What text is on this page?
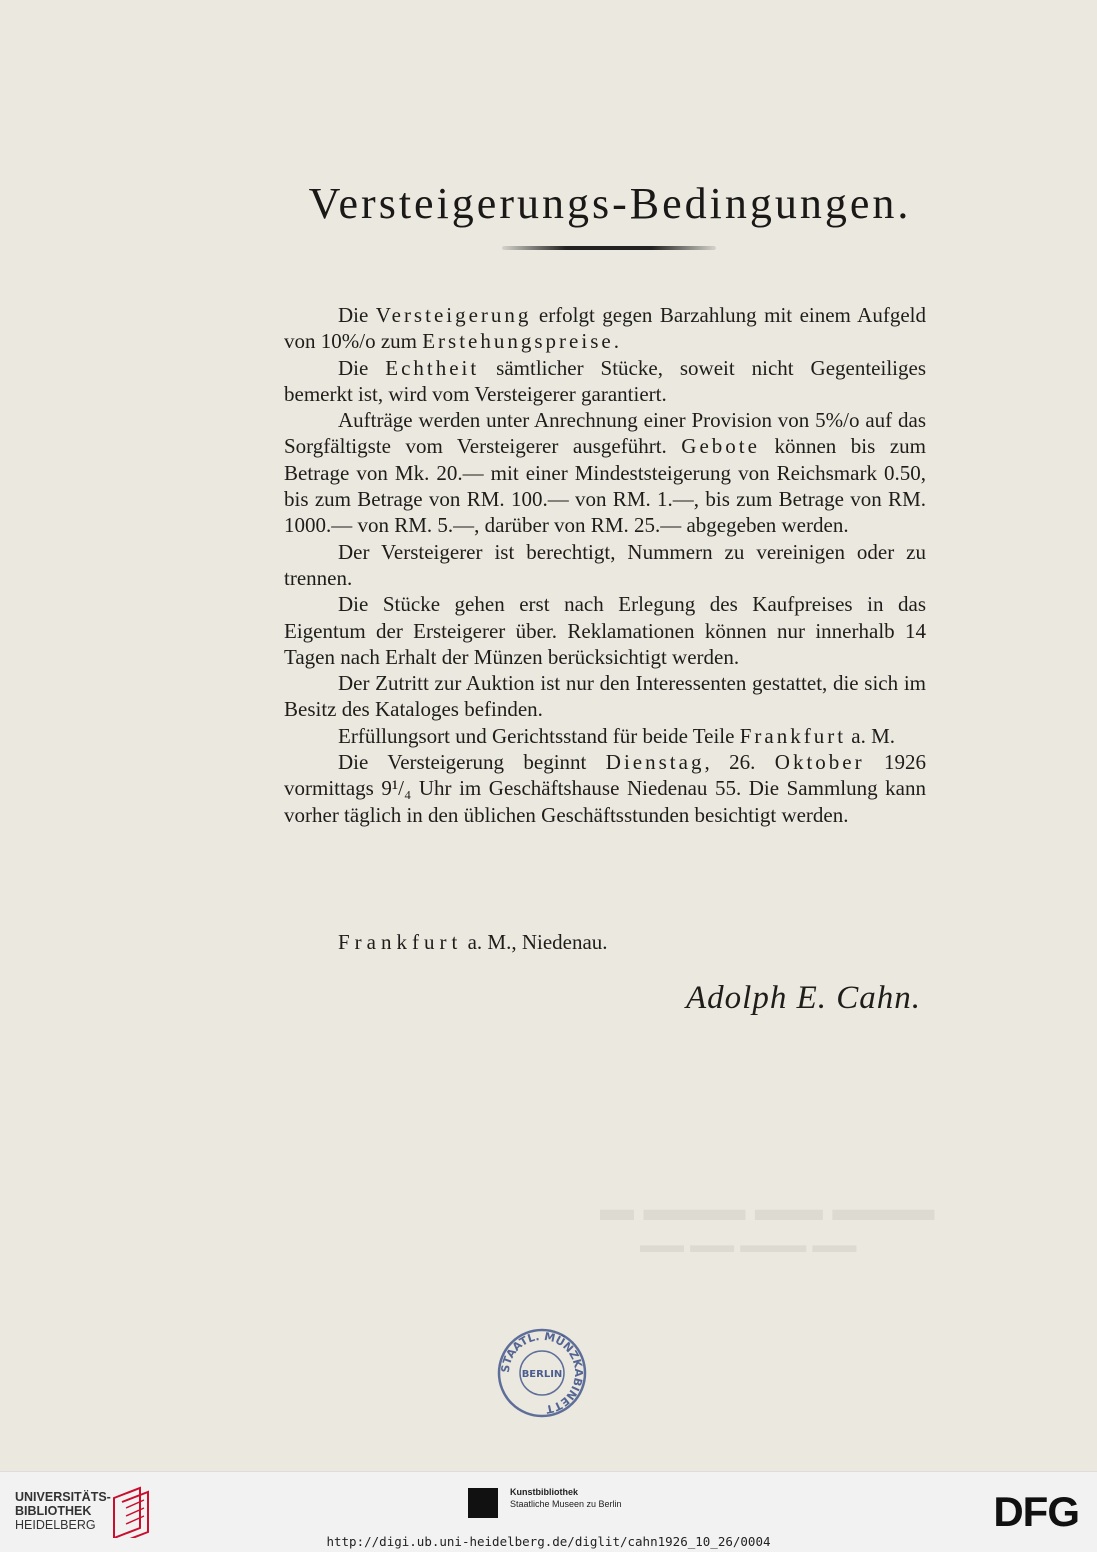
Versteigerungs-Bedingungen.

Die Versteigerung erfolgt gegen Barzahlung mit einem Aufgeld von 10%/o zum Erstehungspreise.

Die Echtheit sämtlicher Stücke, soweit nicht Gegenteiliges bemerkt ist, wird vom Versteigerer garantiert.

Aufträge werden unter Anrechnung einer Provision von 5%/o auf das Sorgfältigste vom Versteigerer ausgeführt. Gebote können bis zum Betrage von Mk. 20.— mit einer Mindeststeigerung von Reichsmark 0.50, bis zum Betrage von RM. 100.— von RM. 1.—, bis zum Betrage von RM. 1000.— von RM. 5.—, darüber von RM. 25.— abgegeben werden.

Der Versteigerer ist berechtigt, Nummern zu vereinigen oder zu trennen.

Die Stücke gehen erst nach Erlegung des Kaufpreises in das Eigentum der Ersteigerer über. Reklamationen können nur innerhalb 14 Tagen nach Erhalt der Münzen berücksichtigt werden.

Der Zutritt zur Auktion ist nur den Interessenten gestattet, die sich im Besitz des Kataloges befinden.

Erfüllungsort und Gerichtsstand für beide Teile Frankfurt a. M.

Die Versteigerung beginnt Dienstag, 26. Oktober 1926 vormittags 9¹/₄ Uhr im Geschäftshause Niedenau 55. Die Sammlung kann vorher täglich in den üblichen Geschäftsstunden besichtigt werden.

Frankfurt a. M., Niedenau.
Adolph E. Cahn.
▬ ▬▬▬ ▬▬ ▬▬▬
▬▬ ▬▬ ▬▬▬ ▬▬
STAATL. MÜNZKABINETT
BERLIN
UNIVERSITÄTS-
BIBLIOTHEK
HEIDELBERG
Kunstbibliothek
Staatliche Museen zu Berlin	DFG
http://digi.ub.uni-heidelberg.de/diglit/cahn1926_10_26/0004
